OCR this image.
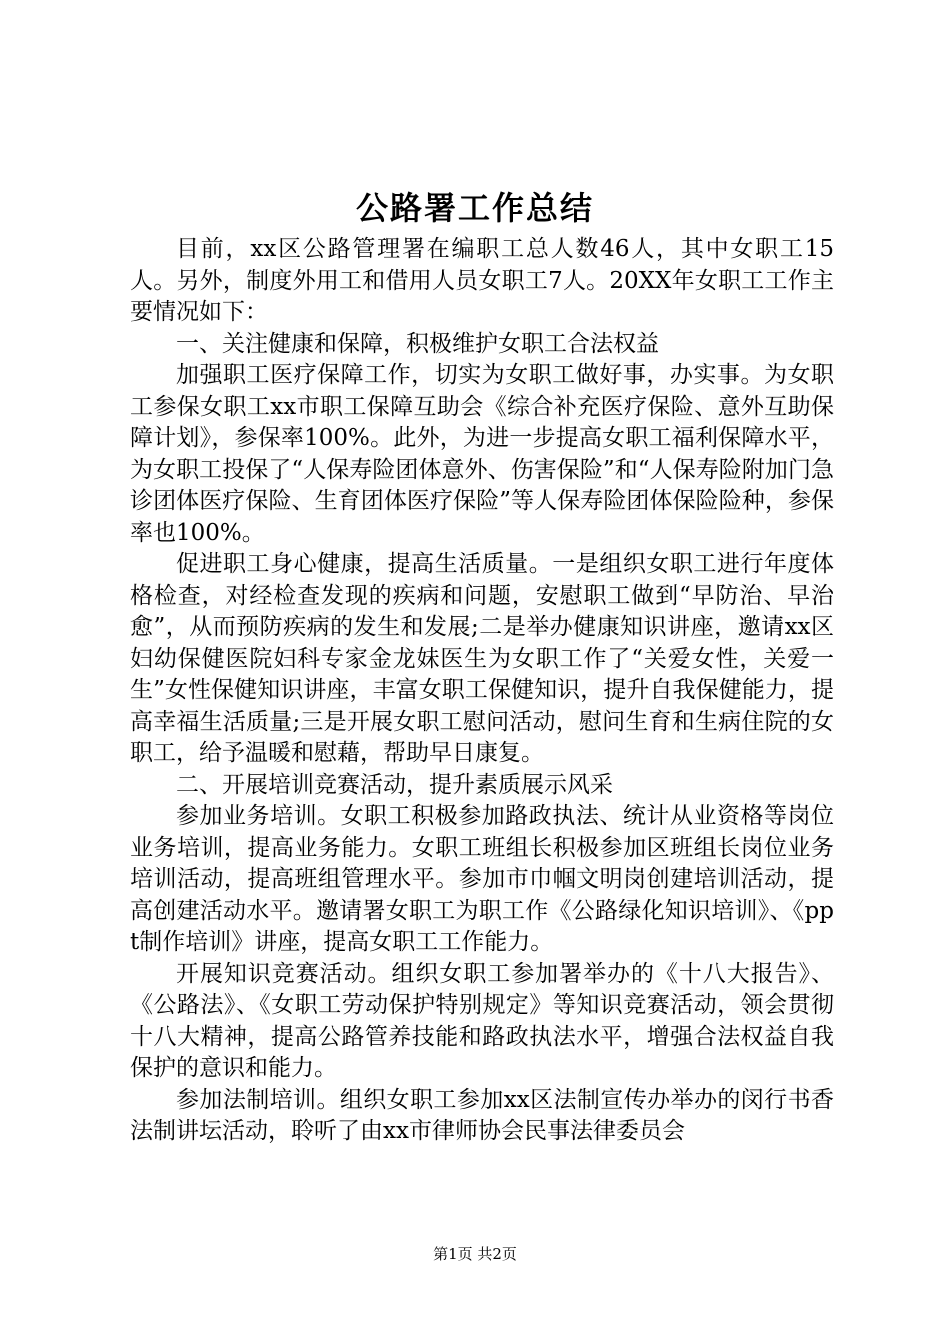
公路署工作总结

目前，xx区公路管理署在编职工总人数46人，其中女职工15人。另外，制度外用工和借用人员女职工7人。20XX年女职工工作主要情况如下：

一、关注健康和保障，积极维护女职工合法权益

加强职工医疗保障工作，切实为女职工做好事，办实事。为女职工参保女职工xx市职工保障互助会《综合补充医疗保险、意外互助保障计划》，参保率100%。此外，为进一步提高女职工福利保障水平，为女职工投保了“人保寿险团体意外、伤害保险”和“人保寿险附加门急诊团体医疗保险、生育团体医疗保险”等人保寿险团体保险险种，参保率也100%。

促进职工身心健康，提高生活质量。一是组织女职工进行年度体格检查，对经检查发现的疾病和问题，安慰职工做到“早防治、早治愈”，从而预防疾病的发生和发展;二是举办健康知识讲座，邀请xx区妇幼保健医院妇科专家金龙妹医生为女职工作了“关爱女性，关爱一生”女性保健知识讲座，丰富女职工保健知识，提升自我保健能力，提高幸福生活质量;三是开展女职工慰问活动，慰问生育和生病住院的女职工，给予温暖和慰藉，帮助早日康复。

二、开展培训竞赛活动，提升素质展示风采

参加业务培训。女职工积极参加路政执法、统计从业资格等岗位业务培训，提高业务能力。女职工班组长积极参加区班组长岗位业务培训活动，提高班组管理水平。参加市巾帼文明岗创建培训活动，提高创建活动水平。邀请署女职工为职工作《公路绿化知识培训》、《ppt制作培训》讲座，提高女职工工作能力。

开展知识竞赛活动。组织女职工参加署举办的《十八大报告》、《公路法》、《女职工劳动保护特别规定》等知识竞赛活动，领会贯彻十八大精神，提高公路管养技能和路政执法水平，增强合法权益自我保护的意识和能力。

参加法制培训。组织女职工参加xx区法制宣传办举办的闵行书香法制讲坛活动，聆听了由xx市律师协会民事法律委员会

第1页 共2页
